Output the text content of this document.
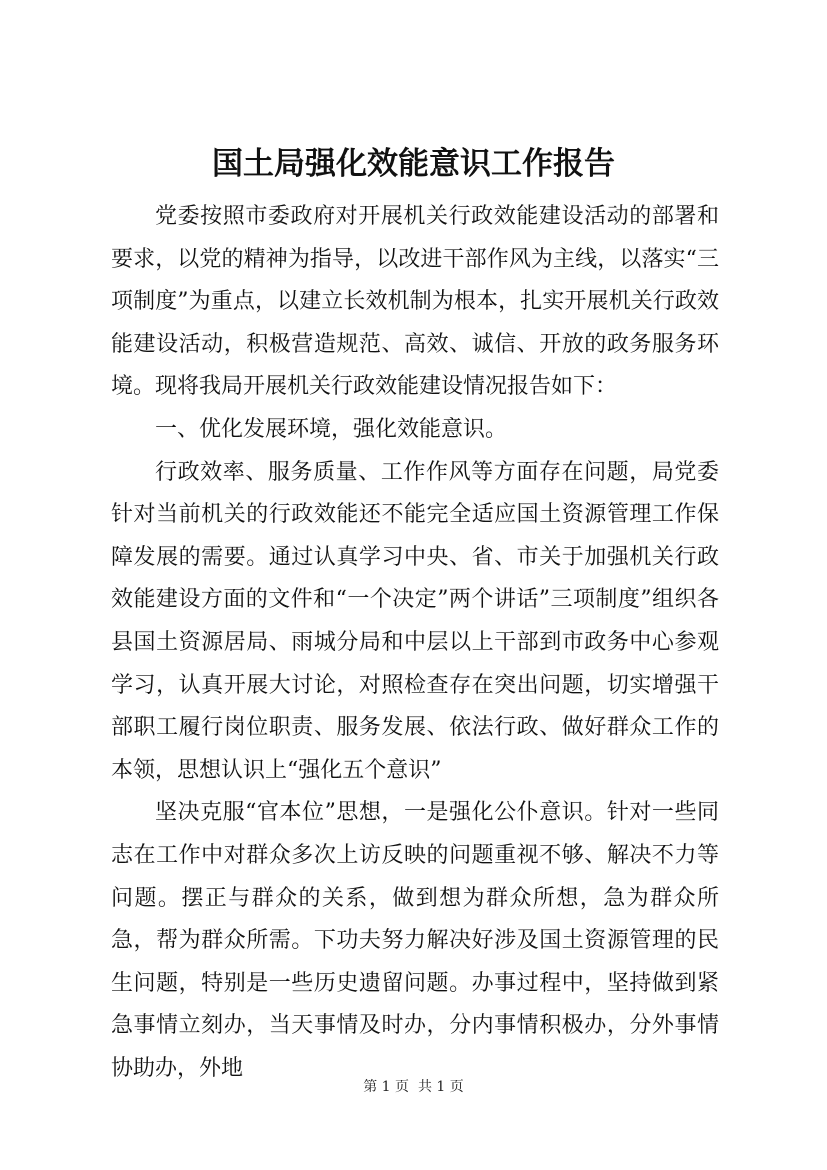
国土局强化效能意识工作报告

党委按照市委政府对开展机关行政效能建设活动的部署和要求，以党的精神为指导，以改进干部作风为主线，以落实“三项制度”为重点，以建立长效机制为根本，扎实开展机关行政效能建设活动，积极营造规范、高效、诚信、开放的政务服务环境。现将我局开展机关行政效能建设情况报告如下：

一、优化发展环境，强化效能意识。

行政效率、服务质量、工作作风等方面存在问题，局党委针对当前机关的行政效能还不能完全适应国土资源管理工作保障发展的需要。通过认真学习中央、省、市关于加强机关行政效能建设方面的文件和“一个决定”两个讲话”三项制度”组织各县国土资源居局、雨城分局和中层以上干部到市政务中心参观学习，认真开展大讨论，对照检查存在突出问题，切实增强干部职工履行岗位职责、服务发展、依法行政、做好群众工作的本领，思想认识上“强化五个意识”

坚决克服“官本位”思想，一是强化公仆意识。针对一些同志在工作中对群众多次上访反映的问题重视不够、解决不力等问题。摆正与群众的关系，做到想为群众所想，急为群众所急，帮为群众所需。下功夫努力解决好涉及国土资源管理的民生问题，特别是一些历史遗留问题。办事过程中，坚持做到紧急事情立刻办，当天事情及时办，分内事情积极办，分外事情协助办，外地

第 1 页  共 1 页
